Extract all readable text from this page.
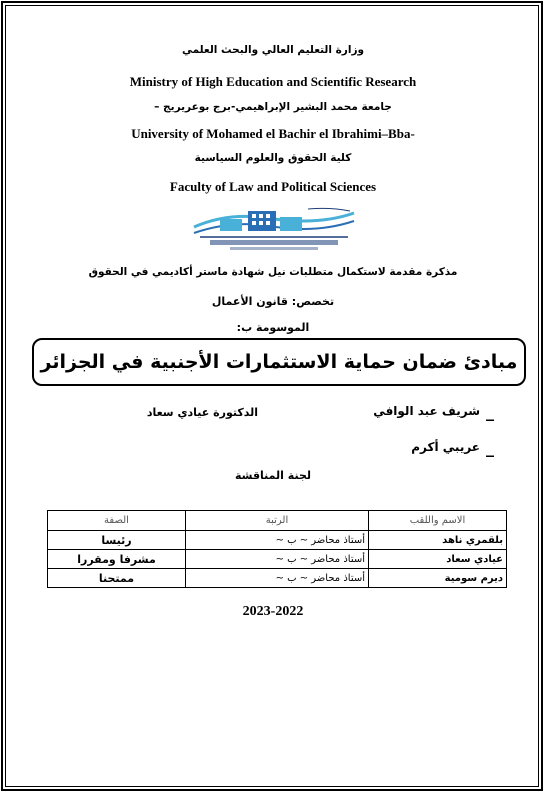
وزارة التعليم العالي والبحث العلمي
Ministry of High Education and Scientific Research
جامعة محمد البشير الإبراهيمي-برج بوعريريج –
University of Mohamed el Bachir el Ibrahimi–Bba-
كلية الحقوق والعلوم السياسية
Faculty of Law and Political Sciences
مذكرة مقدمة لاستكمال متطلبات نيل شهادة ماستر أكاديمي في الحقوق
تخصص: قانون الأعمال
الموسومة ب:
مبادئ ضمان حماية الاستثمارات الأجنبية في الجزائر
_
شريف عبد الوافي
الدكتورة عيادي سعاد
_
عريبي أكرم
لجنة المناقشة
الاسم واللقب	الرتبة	الصفة
بلقمري ناهد	أستاذ محاضر ~ ب ~	رئيسا
عيادي سعاد	أستاذ محاضر ~ ب ~	مشرفا ومقررا
ديرم سومية	أستاذ محاضر ~ ب ~	ممتحنا
2023-2022
